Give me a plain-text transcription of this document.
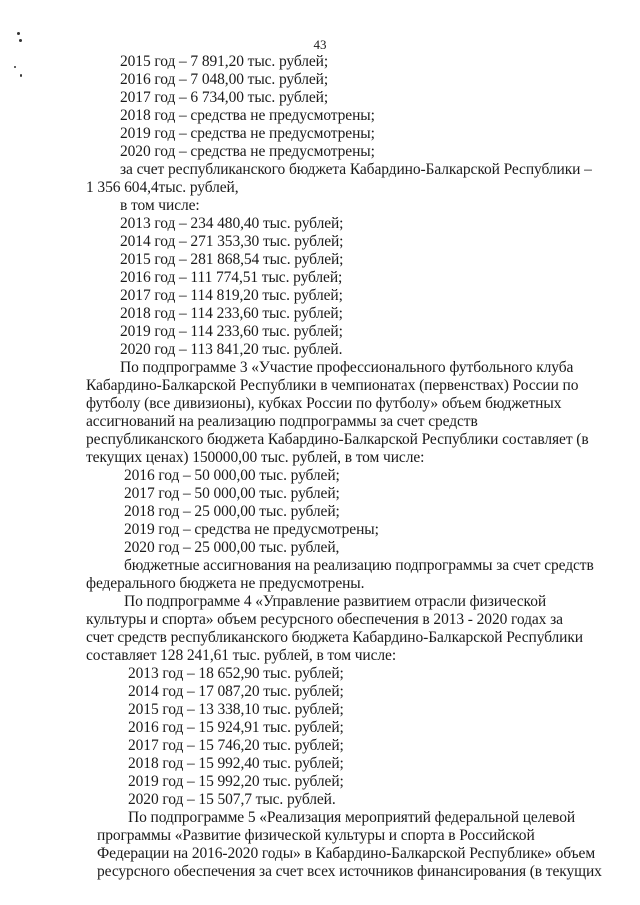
43
2015 год – 7 891,20 тыс. рублей;
2016 год – 7 048,00 тыс. рублей;
2017 год – 6 734,00 тыс. рублей;
2018 год – средства не предусмотрены;
2019 год – средства не предусмотрены;
2020 год – средства не предусмотрены;
за счет республиканского бюджета Кабардино-Балкарской Республики –
1 356 604,4тыс. рублей,
в том числе:
2013 год – 234 480,40 тыс. рублей;
2014 год – 271 353,30 тыс. рублей;
2015 год – 281 868,54 тыс. рублей;
2016 год – 111 774,51 тыс. рублей;
2017 год – 114 819,20 тыс. рублей;
2018 год – 114 233,60 тыс. рублей;
2019 год – 114 233,60 тыс. рублей;
2020 год – 113 841,20 тыс. рублей.
По подпрограмме 3 «Участие профессионального футбольного клуба
Кабардино-Балкарской Республики в чемпионатах (первенствах) России по
футболу (все дивизионы), кубках России по футболу» объем бюджетных
ассигнований на реализацию подпрограммы за счет средств
республиканского бюджета Кабардино-Балкарской Республики составляет (в
текущих ценах) 150000,00 тыс. рублей, в том числе:
2016 год – 50 000,00 тыс. рублей;
2017 год – 50 000,00 тыс. рублей;
2018 год – 25 000,00 тыс. рублей;
2019 год – средства не предусмотрены;
2020 год – 25 000,00 тыс. рублей,
бюджетные ассигнования на реализацию подпрограммы за счет средств
федерального бюджета не предусмотрены.
По подпрограмме 4 «Управление развитием отрасли физической
культуры и спорта» объем ресурсного обеспечения в 2013 - 2020 годах за
счет средств республиканского бюджета Кабардино-Балкарской Республики
составляет 128 241,61 тыс. рублей, в том числе:
2013 год – 18 652,90 тыс. рублей;
2014 год – 17 087,20 тыс. рублей;
2015 год – 13 338,10 тыс. рублей;
2016 год – 15 924,91 тыс. рублей;
2017 год – 15 746,20 тыс. рублей;
2018 год – 15 992,40 тыс. рублей;
2019 год – 15 992,20 тыс. рублей;
2020 год – 15 507,7 тыс. рублей.
По подпрограмме 5 «Реализация мероприятий федеральной целевой
программы «Развитие физической культуры и спорта в Российской
Федерации на 2016-2020 годы» в Кабардино-Балкарской Республике» объем
ресурсного обеспечения за счет всех источников финансирования (в текущих
